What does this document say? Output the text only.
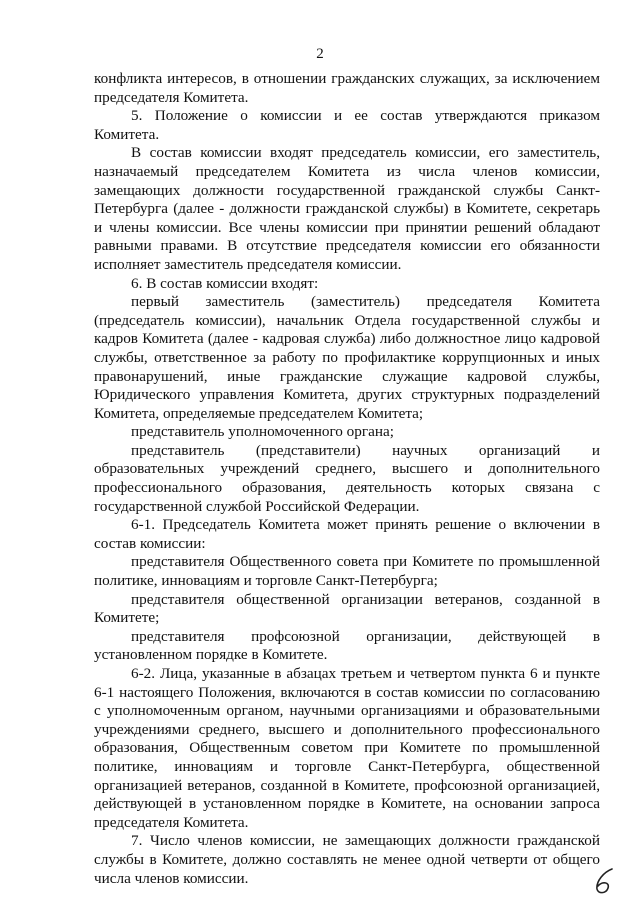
2

конфликта интересов, в отношении гражданских служащих, за исключением председателя Комитета.

5. Положение о комиссии и ее состав утверждаются приказом Комитета.

В состав комиссии входят председатель комиссии, его заместитель, назначаемый председателем Комитета из числа членов комиссии, замещающих должности государственной гражданской службы Санкт-Петербурга (далее - должности гражданской службы) в Комитете, секретарь и члены комиссии. Все члены комиссии при принятии решений обладают равными правами. В отсутствие председателя комиссии его обязанности исполняет заместитель председателя комиссии.

6. В состав комиссии входят:

первый заместитель (заместитель) председателя Комитета (председатель комиссии), начальник Отдела государственной службы и кадров Комитета (далее - кадровая служба) либо должностное лицо кадровой службы, ответственное за работу по профилактике коррупционных и иных правонарушений, иные гражданские служащие кадровой службы, Юридического управления Комитета, других структурных подразделений Комитета, определяемые председателем Комитета;

представитель уполномоченного органа;

представитель (представители) научных организаций и образовательных учреждений среднего, высшего и дополнительного профессионального образования, деятельность которых связана с государственной службой Российской Федерации.

6-1. Председатель Комитета может принять решение о включении в состав комиссии:

представителя Общественного совета при Комитете по промышленной политике, инновациям и торговле Санкт-Петербурга;

представителя общественной организации ветеранов, созданной в Комитете;

представителя профсоюзной организации, действующей в установленном порядке в Комитете.

6-2. Лица, указанные в абзацах третьем и четвертом пункта 6 и пункте 6-1 настоящего Положения, включаются в состав комиссии по согласованию с уполномоченным органом, научными организациями и образовательными учреждениями среднего, высшего и дополнительного профессионального образования, Общественным советом при Комитете по промышленной политике, инновациям и торговле Санкт-Петербурга, общественной организацией ветеранов, созданной в Комитете, профсоюзной организацией, действующей в установленном порядке в Комитете, на основании запроса председателя Комитета.

7. Число членов комиссии, не замещающих должности гражданской службы в Комитете, должно составлять не менее одной четверти от общего числа членов комиссии.
